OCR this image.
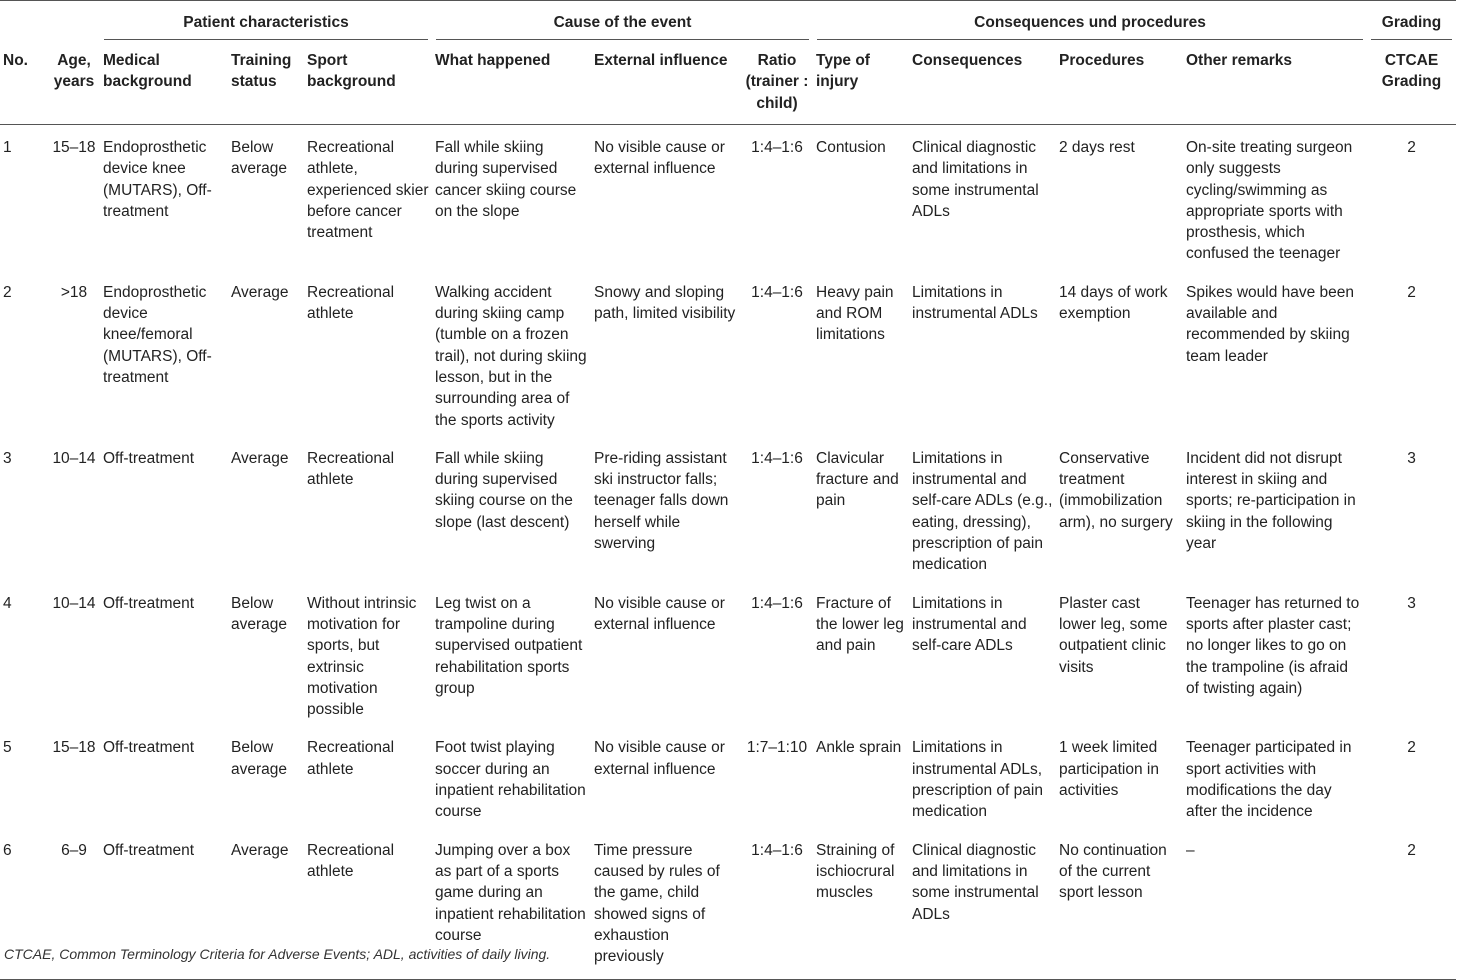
		Patient characteristics			Cause of the event			Consequences und procedures				Grading
No.	Age, years	Medical background	Training status	Sport background	What happened	External influence	Ratio (trainer : child)	Type of injury	Consequences	Procedures	Other remarks	CTCAE Grading
1	15–18	Endoprosthetic device knee (MUTARS), Off-treatment	Below average	Recreational athlete, experienced skier before cancer treatment	Fall while skiing during supervised cancer skiing course on the slope	No visible cause or external influence	1:4–1:6	Contusion	Clinical diagnostic and limitations in some instrumental ADLs	2 days rest	On-site treating surgeon only suggests cycling/swimming as appropriate sports with prosthesis, which confused the teenager	2
2	>18	Endoprosthetic device knee/femoral (MUTARS), Off-treatment	Average	Recreational athlete	Walking accident during skiing camp (tumble on a frozen trail), not during skiing lesson, but in the surrounding area of the sports activity	Snowy and sloping path, limited visibility	1:4–1:6	Heavy pain and ROM limitations	Limitations in instrumental ADLs	14 days of work exemption	Spikes would have been available and recommended by skiing team leader	2
3	10–14	Off-treatment	Average	Recreational athlete	Fall while skiing during supervised skiing course on the slope (last descent)	Pre-riding assistant ski instructor falls; teenager falls down herself while swerving	1:4–1:6	Clavicular fracture and pain	Limitations in instrumental and self-care ADLs (e.g., eating, dressing), prescription of pain medication	Conservative treatment (immobilization arm), no surgery	Incident did not disrupt interest in skiing and sports; re-participation in skiing in the following year	3
4	10–14	Off-treatment	Below average	Without intrinsic motivation for sports, but extrinsic motivation possible	Leg twist on a trampoline during supervised outpatient rehabilitation sports group	No visible cause or external influence	1:4–1:6	Fracture of the lower leg and pain	Limitations in instrumental and self-care ADLs	Plaster cast lower leg, some outpatient clinic visits	Teenager has returned to sports after plaster cast; no longer likes to go on the trampoline (is afraid of twisting again)	3
5	15–18	Off-treatment	Below average	Recreational athlete	Foot twist playing soccer during an inpatient rehabilitation course	No visible cause or external influence	1:7–1:10	Ankle sprain	Limitations in instrumental ADLs, prescription of pain medication	1 week limited participation in activities	Teenager participated in sport activities with modifications the day after the incidence	2
6	6–9	Off-treatment	Average	Recreational athlete	Jumping over a box as part of a sports game during an inpatient rehabilitation course	Time pressure caused by rules of the game, child showed signs of exhaustion previously	1:4–1:6	Straining of ischiocrural muscles	Clinical diagnostic and limitations in some instrumental ADLs	No continuation of the current sport lesson	–	2
CTCAE, Common Terminology Criteria for Adverse Events; ADL, activities of daily living.
